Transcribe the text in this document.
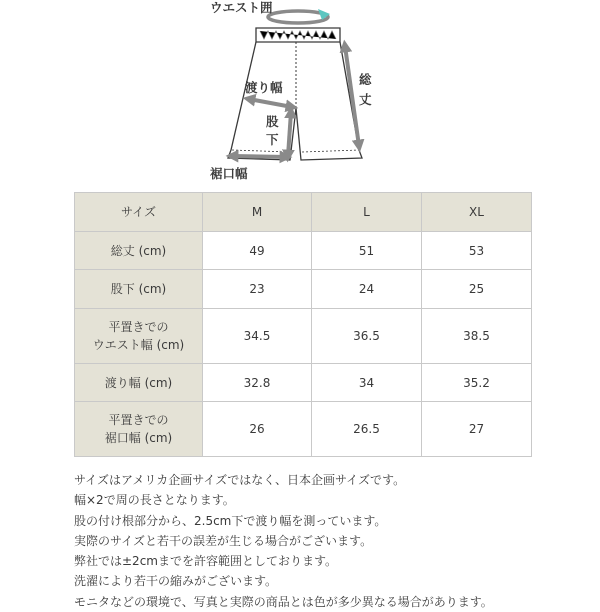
ウエスト囲
渡り幅
股
下
総
丈
裾口幅
サイズ	M	L	XL
総丈 (cm)	49	51	53
股下 (cm)	23	24	25
平置きでの
ウエスト幅 (cm)	34.5	36.5	38.5
渡り幅 (cm)	32.8	34	35.2
平置きでの
裾口幅 (cm)	26	26.5	27

サイズはアメリカ企画サイズではなく、日本企画サイズです。

幅×2で周の長さとなります。

股の付け根部分から、2.5cm下で渡り幅を測っています。

実際のサイズと若干の誤差が生じる場合がございます。

弊社では±2cmまでを許容範囲としております。

洗濯により若干の縮みがございます。

モニタなどの環境で、写真と実際の商品とは色が多少異なる場合があります。
